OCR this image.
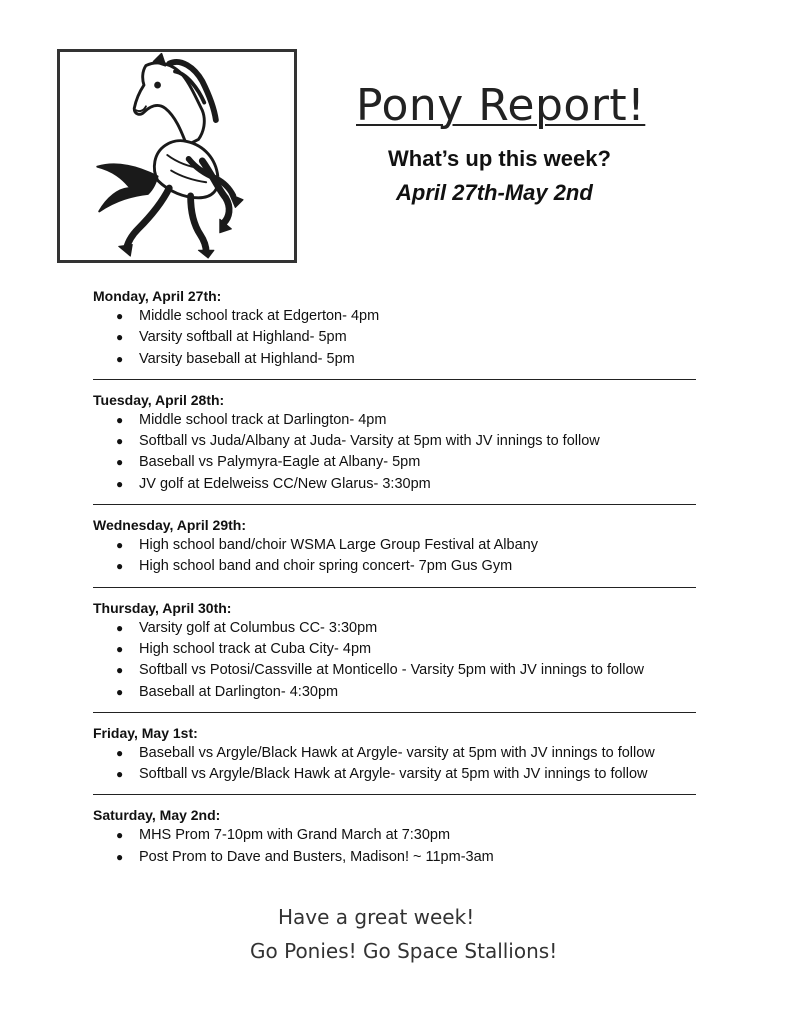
Pony Report!

What’s up this week?

April 27th-May 2nd

Monday, April 27th:

● Middle school track at Edgerton- 4pm
● Varsity softball at Highland- 5pm
● Varsity baseball at Highland- 5pm

Tuesday, April 28th:

● Middle school track at Darlington- 4pm
● Softball vs Juda/Albany at Juda- Varsity at 5pm with JV innings to follow
● Baseball vs Palymyra-Eagle at Albany- 5pm
● JV golf at Edelweiss CC/New Glarus- 3:30pm

Wednesday, April 29th:

● High school band/choir WSMA Large Group Festival at Albany
● High school band and choir spring concert- 7pm Gus Gym

Thursday, April 30th:

● Varsity golf at Columbus CC- 3:30pm
● High school track at Cuba City- 4pm
● Softball vs Potosi/Cassville at Monticello - Varsity 5pm with JV innings to follow
● Baseball at Darlington- 4:30pm

Friday, May 1st:

● Baseball vs Argyle/Black Hawk at Argyle- varsity at 5pm with JV innings to follow
● Softball vs Argyle/Black Hawk at Argyle- varsity at 5pm with JV innings to follow

Saturday, May 2nd:

● MHS Prom 7-10pm with Grand March at 7:30pm
● Post Prom to Dave and Busters, Madison! ~ 11pm-3am

Have a great week!

Go Ponies! Go Space Stallions!
